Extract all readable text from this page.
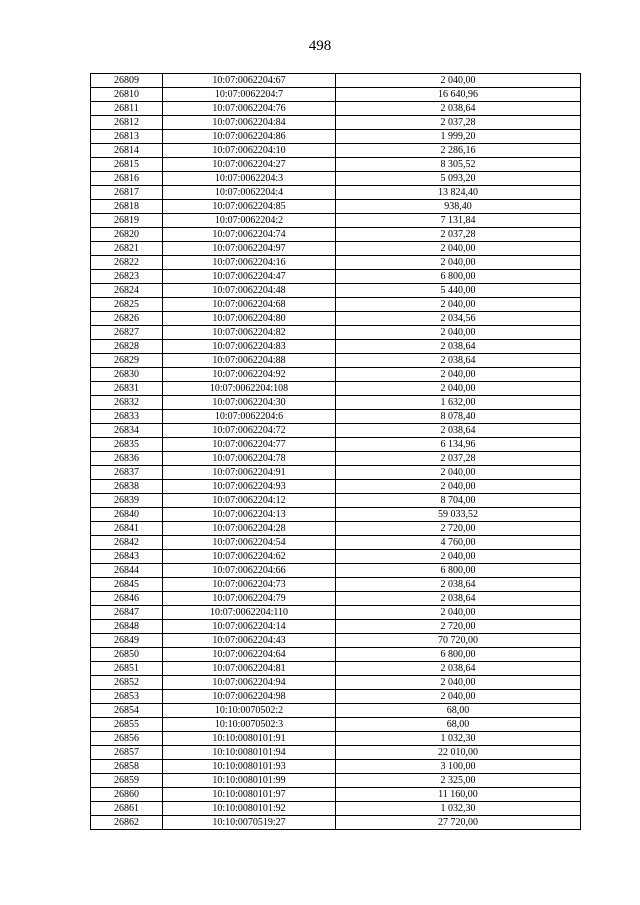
498
26809	10:07:0062204:67	2 040,00
26810	10:07:0062204:7	16 640,96
26811	10:07:0062204:76	2 038,64
26812	10:07:0062204:84	2 037,28
26813	10:07:0062204:86	1 999,20
26814	10:07:0062204:10	2 286,16
26815	10:07:0062204:27	8 305,52
26816	10:07:0062204:3	5 093,20
26817	10:07:0062204:4	13 824,40
26818	10:07:0062204:85	938,40
26819	10:07:0062204:2	7 131,84
26820	10:07:0062204:74	2 037,28
26821	10:07:0062204:97	2 040,00
26822	10:07:0062204:16	2 040,00
26823	10:07:0062204:47	6 800,00
26824	10:07:0062204:48	5 440,00
26825	10:07:0062204:68	2 040,00
26826	10:07:0062204:80	2 034,56
26827	10:07:0062204:82	2 040,00
26828	10:07:0062204:83	2 038,64
26829	10:07:0062204:88	2 038,64
26830	10:07:0062204:92	2 040,00
26831	10:07:0062204:108	2 040,00
26832	10:07:0062204:30	1 632,00
26833	10:07:0062204:6	8 078,40
26834	10:07:0062204:72	2 038,64
26835	10:07:0062204:77	6 134,96
26836	10:07:0062204:78	2 037,28
26837	10:07:0062204:91	2 040,00
26838	10:07:0062204:93	2 040,00
26839	10:07:0062204:12	8 704,00
26840	10:07:0062204:13	59 033,52
26841	10:07:0062204:28	2 720,00
26842	10:07:0062204:54	4 760,00
26843	10:07:0062204:62	2 040,00
26844	10:07:0062204:66	6 800,00
26845	10:07:0062204:73	2 038,64
26846	10:07:0062204:79	2 038,64
26847	10:07:0062204:110	2 040,00
26848	10:07:0062204:14	2 720,00
26849	10:07:0062204:43	70 720,00
26850	10:07:0062204:64	6 800,00
26851	10:07:0062204:81	2 038,64
26852	10:07:0062204:94	2 040,00
26853	10:07:0062204:98	2 040,00
26854	10:10:0070502:2	68,00
26855	10:10:0070502:3	68,00
26856	10:10:0080101:91	1 032,30
26857	10:10:0080101:94	22 010,00
26858	10:10:0080101:93	3 100,00
26859	10:10:0080101:99	2 325,00
26860	10:10:0080101:97	11 160,00
26861	10:10:0080101:92	1 032,30
26862	10:10:0070519:27	27 720,00
